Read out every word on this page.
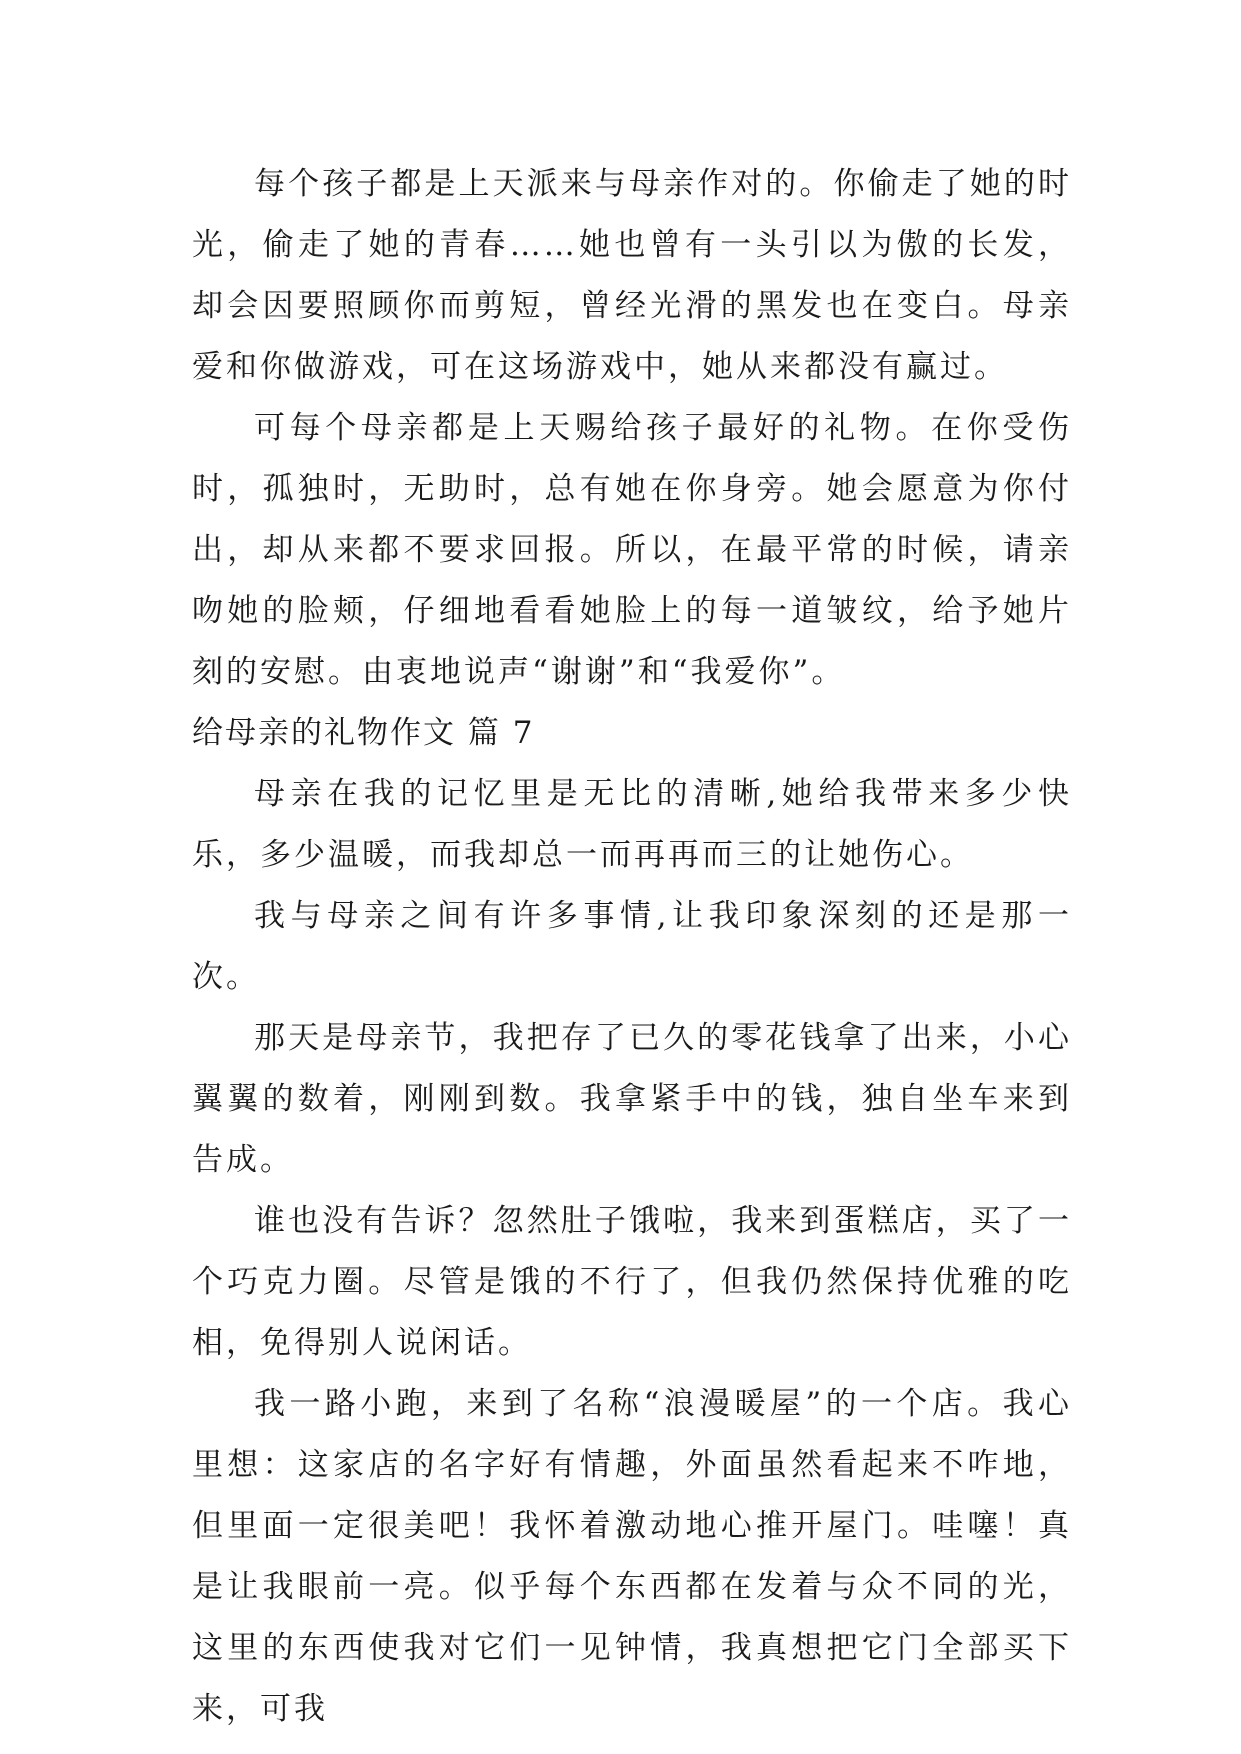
每个孩子都是上天派来与母亲作对的。你偷走了她的时光，偷走了她的青春……她也曾有一头引以为傲的长发，却会因要照顾你而剪短，曾经光滑的黑发也在变白。母亲爱和你做游戏，可在这场游戏中，她从来都没有赢过。

可每个母亲都是上天赐给孩子最好的礼物。在你受伤时，孤独时，无助时，总有她在你身旁。她会愿意为你付出，却从来都不要求回报。所以，在最平常的时候，请亲吻她的脸颊，仔细地看看她脸上的每一道皱纹，给予她片刻的安慰。由衷地说声“谢谢”和“我爱你”。

给母亲的礼物作文 篇 7

母亲在我的记忆里是无比的清晰,她给我带来多少快乐，多少温暖，而我却总一而再再而三的让她伤心。

我与母亲之间有许多事情,让我印象深刻的还是那一次。

那天是母亲节，我把存了已久的零花钱拿了出来，小心翼翼的数着，刚刚到数。我拿紧手中的钱，独自坐车来到告成。

谁也没有告诉？忽然肚子饿啦，我来到蛋糕店，买了一个巧克力圈。尽管是饿的不行了，但我仍然保持优雅的吃相，免得别人说闲话。

我一路小跑，来到了名称“浪漫暖屋”的一个店。我心里想：这家店的名字好有情趣，外面虽然看起来不咋地，但里面一定很美吧！我怀着激动地心推开屋门。哇噻！真是让我眼前一亮。似乎每个东西都在发着与众不同的光，这里的东西使我对它们一见钟情，我真想把它门全部买下来，可我
